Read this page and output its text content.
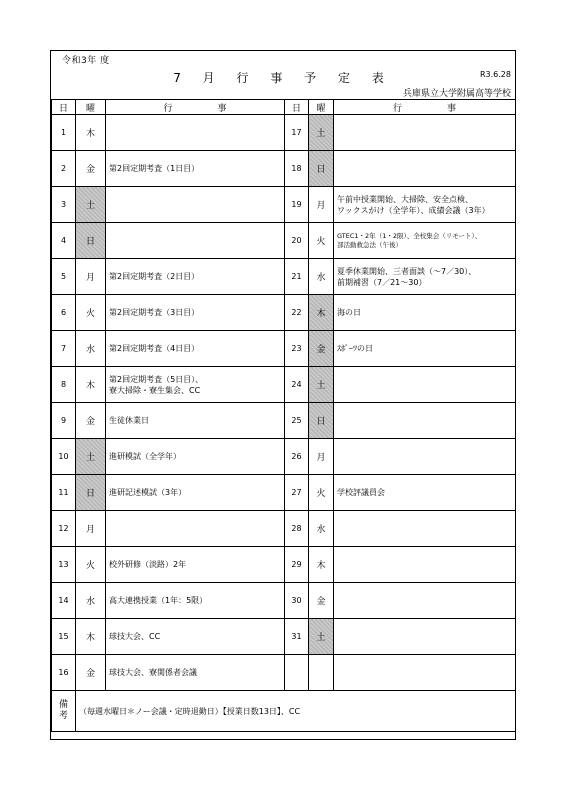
令和3年 度
7 月 行 事 予 定 表	R3.6.28
兵庫県立大学附属高等学校
日	曜	行　　　　　事	日	曜	行　　　　　事
1	木		17	土	
2	金	第2回定期考査（1日目）	18	日	
3	土		19	月	午前中授業開始、大掃除、安全点検、
ワックスがけ（全学年）、成績会議（3年）
4	日		20	火	GTEC1・2年（1・2限）、全校集会（リモート）、
部活動救急法（午後）
5	月	第2回定期考査（2日目）	21	水	夏季休業開始、三者面談（～7／30）、
前期補習（7／21～30）
6	火	第2回定期考査（3日目）	22	木	海の日
7	水	第2回定期考査（4日目）	23	金	ｽﾎﾟｰﾂの日
8	木	第2回定期考査（5日目）、
寮大掃除・寮生集会、CC	24	土	
9	金	生徒休業日	25	日	
10	土	進研模試（全学年）	26	月	
11	日	進研記述模試（3年）	27	火	学校評議員会
12	月		28	水	
13	火	校外研修（淡路）2年	29	木	
14	水	高大連携授業（1年：5限）	30	金	
15	木	球技大会、CC	31	土	
16	金	球技大会、寮関係者会議			
備
考	（毎週水曜日＊ノー会議・定時退勤日）【授業日数13日】、CC				
